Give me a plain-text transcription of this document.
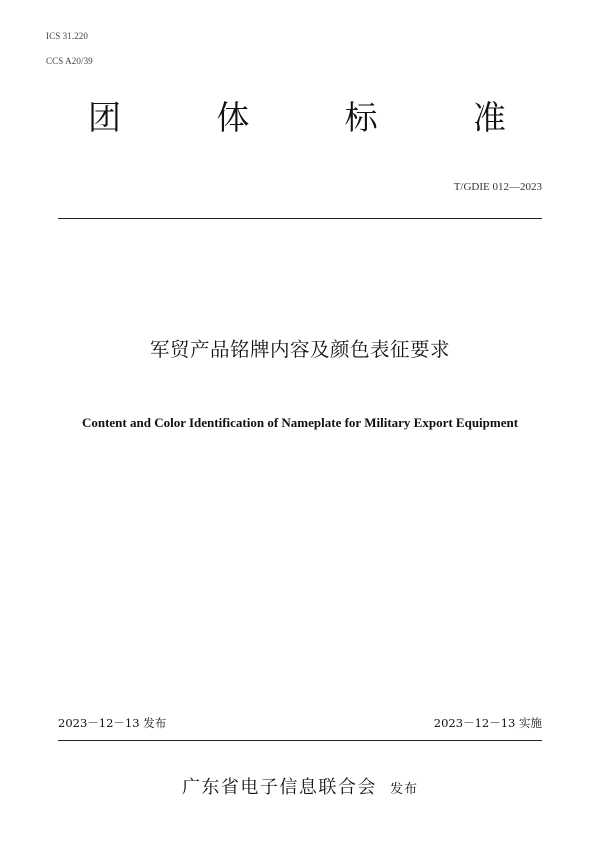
ICS 31.220
CCS A20/39
团	体	标	准
T/GDIE 012—2023
军贸产品铭牌内容及颜色表征要求
Content and Color Identification of Nameplate for Military Export Equipment
2023－12－13 发布	2023－12－13 实施
广东省电子信息联合会 发布
